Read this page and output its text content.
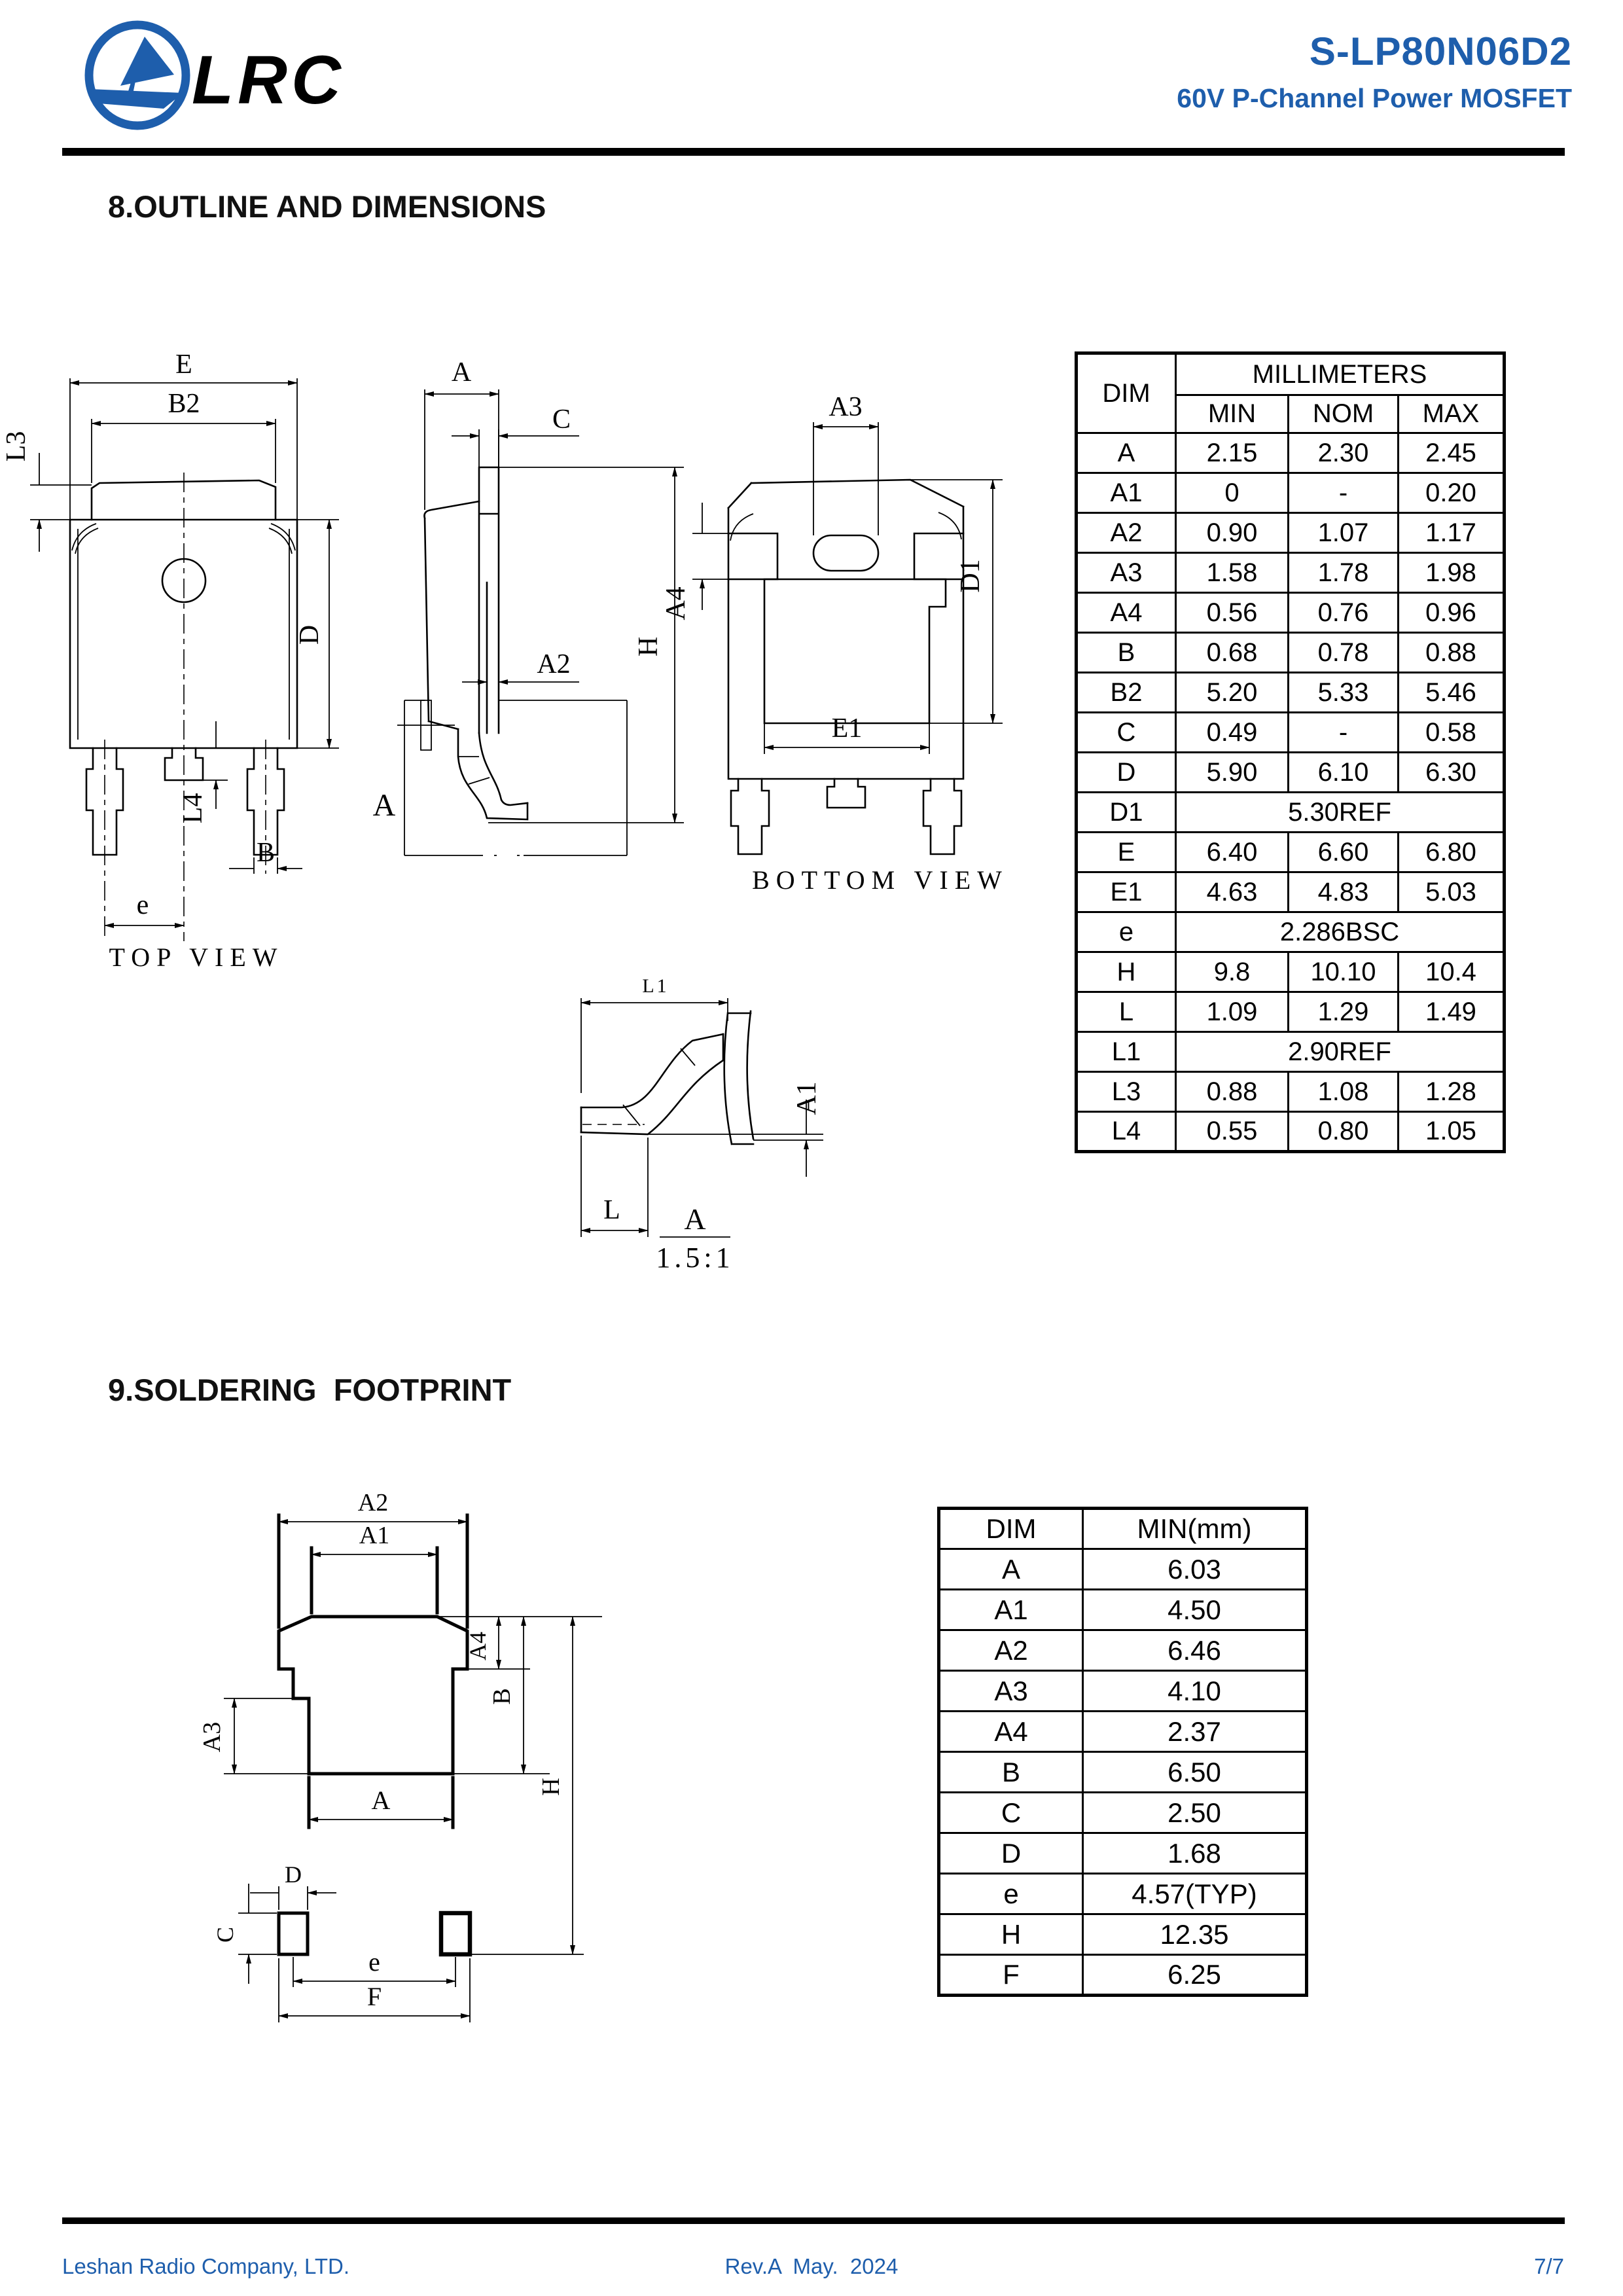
LRC	S-LP80N06D2
60V P-Channel Power MOSFET
8.OUTLINE AND DIMENSIONS
E
B2
L3
D
L4
B
e
TOP VIEW
A
C
A2
H
A
A3
A4
D1
E1
BOTTOM VIEW
L1
A1
L A
1.5:1
DIM	MILLIMETERS		
	MIN	NOM	MAX
A	2.15	2.30	2.45
A1	0	-	0.20
A2	0.90	1.07	1.17
A3	1.58	1.78	1.98
A4	0.56	0.76	0.96
B	0.68	0.78	0.88
B2	5.20	5.33	5.46
C	0.49	-	0.58
D	5.90	6.10	6.30
D1	5.30REF		
E	6.40	6.60	6.80
E1	4.63	4.83	5.03
e	2.286BSC		
H	9.8	10.10	10.4
L	1.09	1.29	1.49
L1	2.90REF		
L3	0.88	1.08	1.28
L4	0.55	0.80	1.05
9.SOLDERING  FOOTPRINT
A2
A1
A4
A3
B
H
A
D
C
e
F
DIM	MIN(mm)
A	6.03
A1	4.50
A2	6.46
A3	4.10
A4	2.37
B	6.50
C	2.50
D	1.68
e	4.57(TYP)
H	12.35
F	6.25
Leshan Radio Company, LTD.	Rev.A  May.  2024	7/7
